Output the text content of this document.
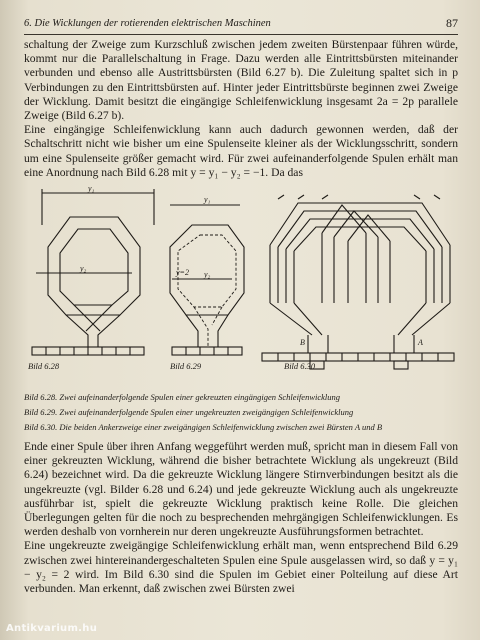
6. Die Wicklungen der rotierenden elektrischen Maschinen	87

schaltung der Zweige zum Kurzschluß zwischen jedem zweiten Bürstenpaar führen würde, kommt nur die Parallelschaltung in Frage. Dazu werden alle Eintrittsbürsten miteinander verbunden und ebenso alle Austrittsbürsten (Bild 6.27 b). Die Zuleitung spaltet sich in p Verbindungen zu den Eintrittsbürsten auf. Hinter jeder Eintrittsbürste beginnen zwei Zweige der Wicklung. Damit besitzt die eingängige Schleifenwicklung insgesamt 2a = 2p parallele Zweige (Bild 6.27 b).

Eine eingängige Schleifenwicklung kann auch dadurch gewonnen werden, daß der Schaltschritt nicht wie bisher um eine Spulenseite kleiner als der Wicklungsschritt, sondern um eine Spulenseite größer gemacht wird. Für zwei aufeinanderfolgende Spulen erhält man eine Anordnung nach Bild 6.28 mit y = y₁ − y₂ = −1. Da das

y₁
y₂
y₁
y=2 y₂
B	A
Bild 6.28	Bild 6.29	Bild 6.30
Bild 6.28. Zwei aufeinanderfolgende Spulen einer gekreuzten eingängigen Schleifenwicklung
Bild 6.29. Zwei aufeinanderfolgende Spulen einer ungekreuzten zweigängigen Schleifenwicklung
Bild 6.30. Die beiden Ankerzweige einer zweigängigen Schleifenwicklung zwischen zwei Bürsten A und B

Ende einer Spule über ihren Anfang weggeführt werden muß, spricht man in diesem Fall von einer gekreuzten Wicklung, während die bisher betrachtete Wicklung als ungekreuzt (Bild 6.24) bezeichnet wird. Da die gekreuzte Wicklung längere Stirnverbindungen besitzt als die ungekreuzte (vgl. Bilder 6.28 und 6.24) und jede gekreuzte Wicklung auch als ungekreuzte ausführbar ist, spielt die gekreuzte Wicklung praktisch keine Rolle. Die gleichen Überlegungen gelten für die noch zu besprechenden mehrgängigen Schleifenwicklungen. Es werden deshalb von vornherein nur deren ungekreuzte Ausführungsformen betrachtet.

Eine ungekreuzte zweigängige Schleifenwicklung erhält man, wenn entsprechend Bild 6.29 zwischen zwei hintereinandergeschalteten Spulen eine Spule ausgelassen wird, so daß y = y₁ − y₂ = 2 wird. Im Bild 6.30 sind die Spulen im Gebiet einer Polteilung auf diese Art verbunden. Man erkennt, daß zwischen zwei Bürsten zwei

Antikvarium.hu
